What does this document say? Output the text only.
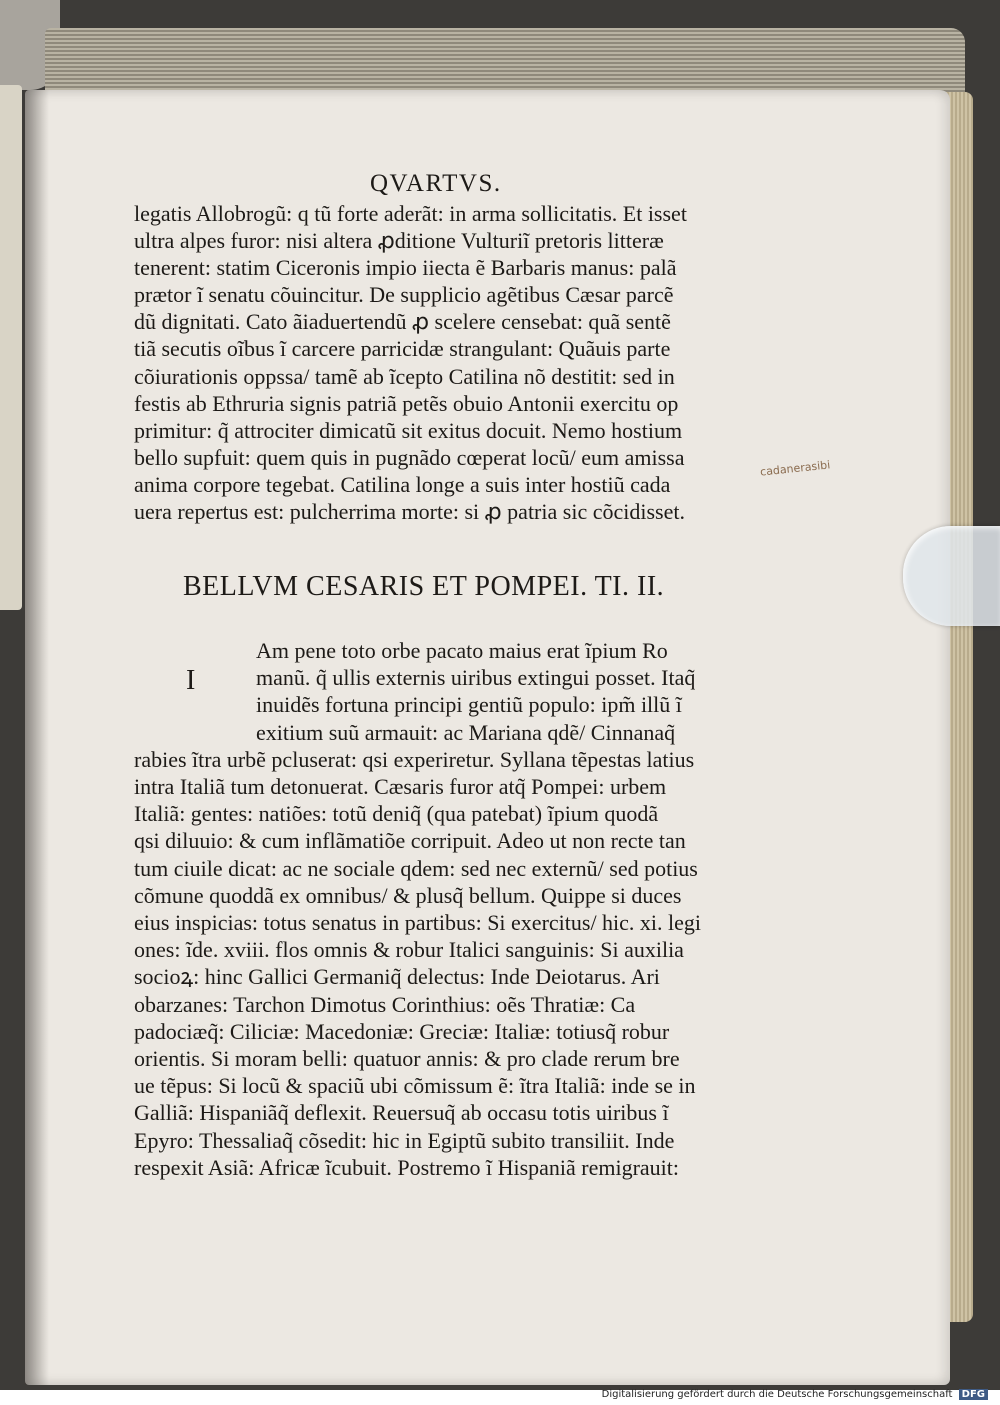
QVARTVS.
legatis Allobrogũ: q tũ forte aderãt: in arma sollicitatis. Et isset
ultra alpes furor: nisi altera ꝓditione Vulturiĩ pretoris litteræ
tenerent: statim Ciceronis impio iiecta ẽ Barbaris manus: palã
prætor ĩ senatu cõuincitur. De supplicio agẽtibus Cæsar parcẽ
dũ dignitati. Cato ãiaduertendũ ꝓ scelere censebat: quã sentẽ
tiã secutis oĩbus ĩ carcere parricidæ strangulant: Quãuis parte
cõiurationis oppssa/ tamẽ ab ĩcepto Catilina nõ destitit: sed in
festis ab Ethruria signis patriã petẽs obuio Antonii exercitu op
primitur: q̃ attrociter dimicatũ sit exitus docuit. Nemo hostium
bello supfuit: quem quis in pugnãdo cœperat locũ/ eum amissa
anima corpore tegebat. Catilina longe a suis inter hostiũ cada
uera repertus est: pulcherrima morte: si ꝓ patria sic cõcidisset.
BELLVM CESARIS ET POMPEI. TI. II.
I
Am pene toto orbe pacato maius erat ĩpium Ro
manũ. q̃ ullis externis uiribus extingui posset. Itaq̃
inuidẽs fortuna principi gentiũ populo: ipm̃ illũ ĩ
exitium suũ armauit: ac Mariana qdẽ/ Cinnanaq̃
rabies ĩtra urbẽ pcluserat: qsi experiretur. Syllana tẽpestas latius
intra Italiã tum detonuerat. Cæsaris furor atq̃ Pompei: urbem
Italiã: gentes: natiões: totũ deniq̃ (qua patebat) ĩpium quodã
qsi diluuio: & cum inflãmatiõe corripuit. Adeo ut non recte tan
tum ciuile dicat: ac ne sociale qdem: sed nec externũ/ sed potius
cõmune quoddã ex omnibus/ & plusq̃ bellum. Quippe si duces
eius inspicias: totus senatus in partibus: Si exercitus/ hic. xi. legi
ones: ĩde. xviii. flos omnis & robur Italici sanguinis: Si auxilia
socioꝝ: hinc Gallici Germaniq̃ delectus: Inde Deiotarus. Ari
obarzanes: Tarchon Dimotus Corinthius: oẽs Thratiæ: Ca
padociæq̃: Ciliciæ: Macedoniæ: Greciæ: Italiæ: totiusq̃ robur
orientis. Si moram belli: quatuor annis: & pro clade rerum bre
ue tẽpus: Si locũ & spaciũ ubi cõmissum ẽ: ĩtra Italiã: inde se in
Galliã: Hispaniãq̃ deflexit. Reuersuq̃ ab occasu totis uiribus ĩ
Epyro: Thessaliaq̃ cõsedit: hic in Egiptũ subito transiliit. Inde
respexit Asiã: Africæ ĩcubuit. Postremo ĩ Hispaniã remigrauit:
cadanerasibi
Digitalisierung gefördert durch die Deutsche Forschungsgemeinschaft DFG
